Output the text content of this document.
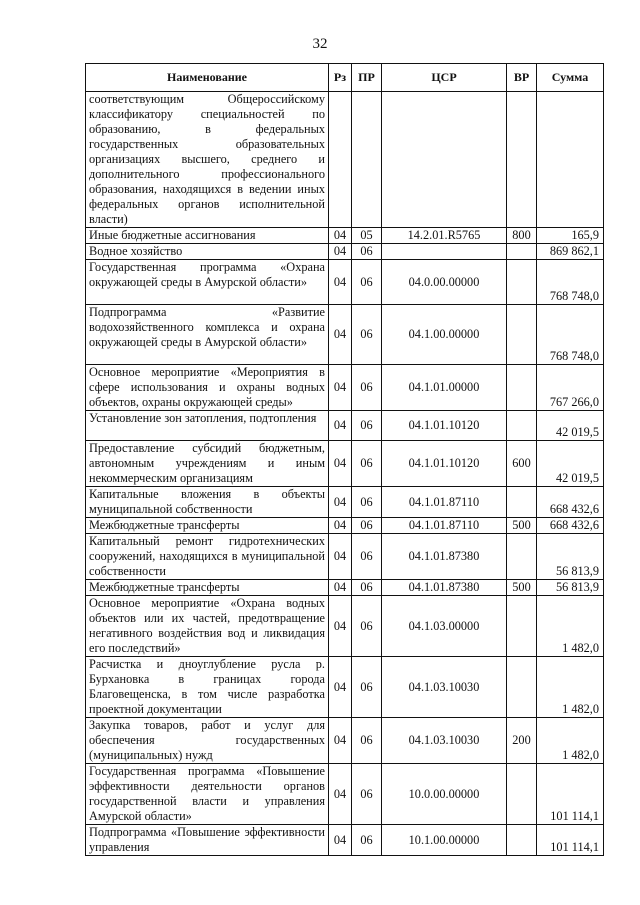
32
Наименование	Рз	ПР	ЦСР	ВР	Сумма
соответствующим Общероссийскому классификатору специальностей по образованию, в федеральных государственных образовательных организациях высшего, среднего и дополнительного профессионального образования, находящихся в ведении иных федеральных органов исполнительной власти)					
Иные бюджетные ассигнования	04	05	14.2.01.R5765	800	165,9
Водное хозяйство	04	06			869 862,1
Государственная программа «Охрана окружающей среды в Амурской области»	04	06	04.0.00.00000		768 748,0
Подпрограмма «Развитие водохозяйственного комплекса и охрана окружающей среды в Амурской области»	04	06	04.1.00.00000		768 748,0
Основное мероприятие «Мероприятия в сфере использования и охраны водных объектов, охраны окружающей среды»	04	06	04.1.01.00000		767 266,0
Установление зон затопления, подтопления	04	06	04.1.01.10120		42 019,5
Предоставление субсидий бюджетным, автономным учреждениям и иным некоммерческим организациям	04	06	04.1.01.10120	600	42 019,5
Капитальные вложения в объекты муниципальной собственности	04	06	04.1.01.87110		668 432,6
Межбюджетные трансферты	04	06	04.1.01.87110	500	668 432,6
Капитальный ремонт гидротехнических сооружений, находящихся в муниципальной собственности	04	06	04.1.01.87380		56 813,9
Межбюджетные трансферты	04	06	04.1.01.87380	500	56 813,9
Основное мероприятие «Охрана водных объектов или их частей, предотвращение негативного воздействия вод и ликвидация его последствий»	04	06	04.1.03.00000		1 482,0
Расчистка и дноуглубление русла р. Бурхановка в границах города Благовещенска, в том числе разработка проектной документации	04	06	04.1.03.10030		1 482,0
Закупка товаров, работ и услуг для обеспечения государственных (муниципальных) нужд	04	06	04.1.03.10030	200	1 482,0
Государственная программа «Повышение эффективности деятельности органов государственной власти и управления Амурской области»	04	06	10.0.00.00000		101 114,1
Подпрограмма «Повышение эффективности управления	04	06	10.1.00.00000		101 114,1
